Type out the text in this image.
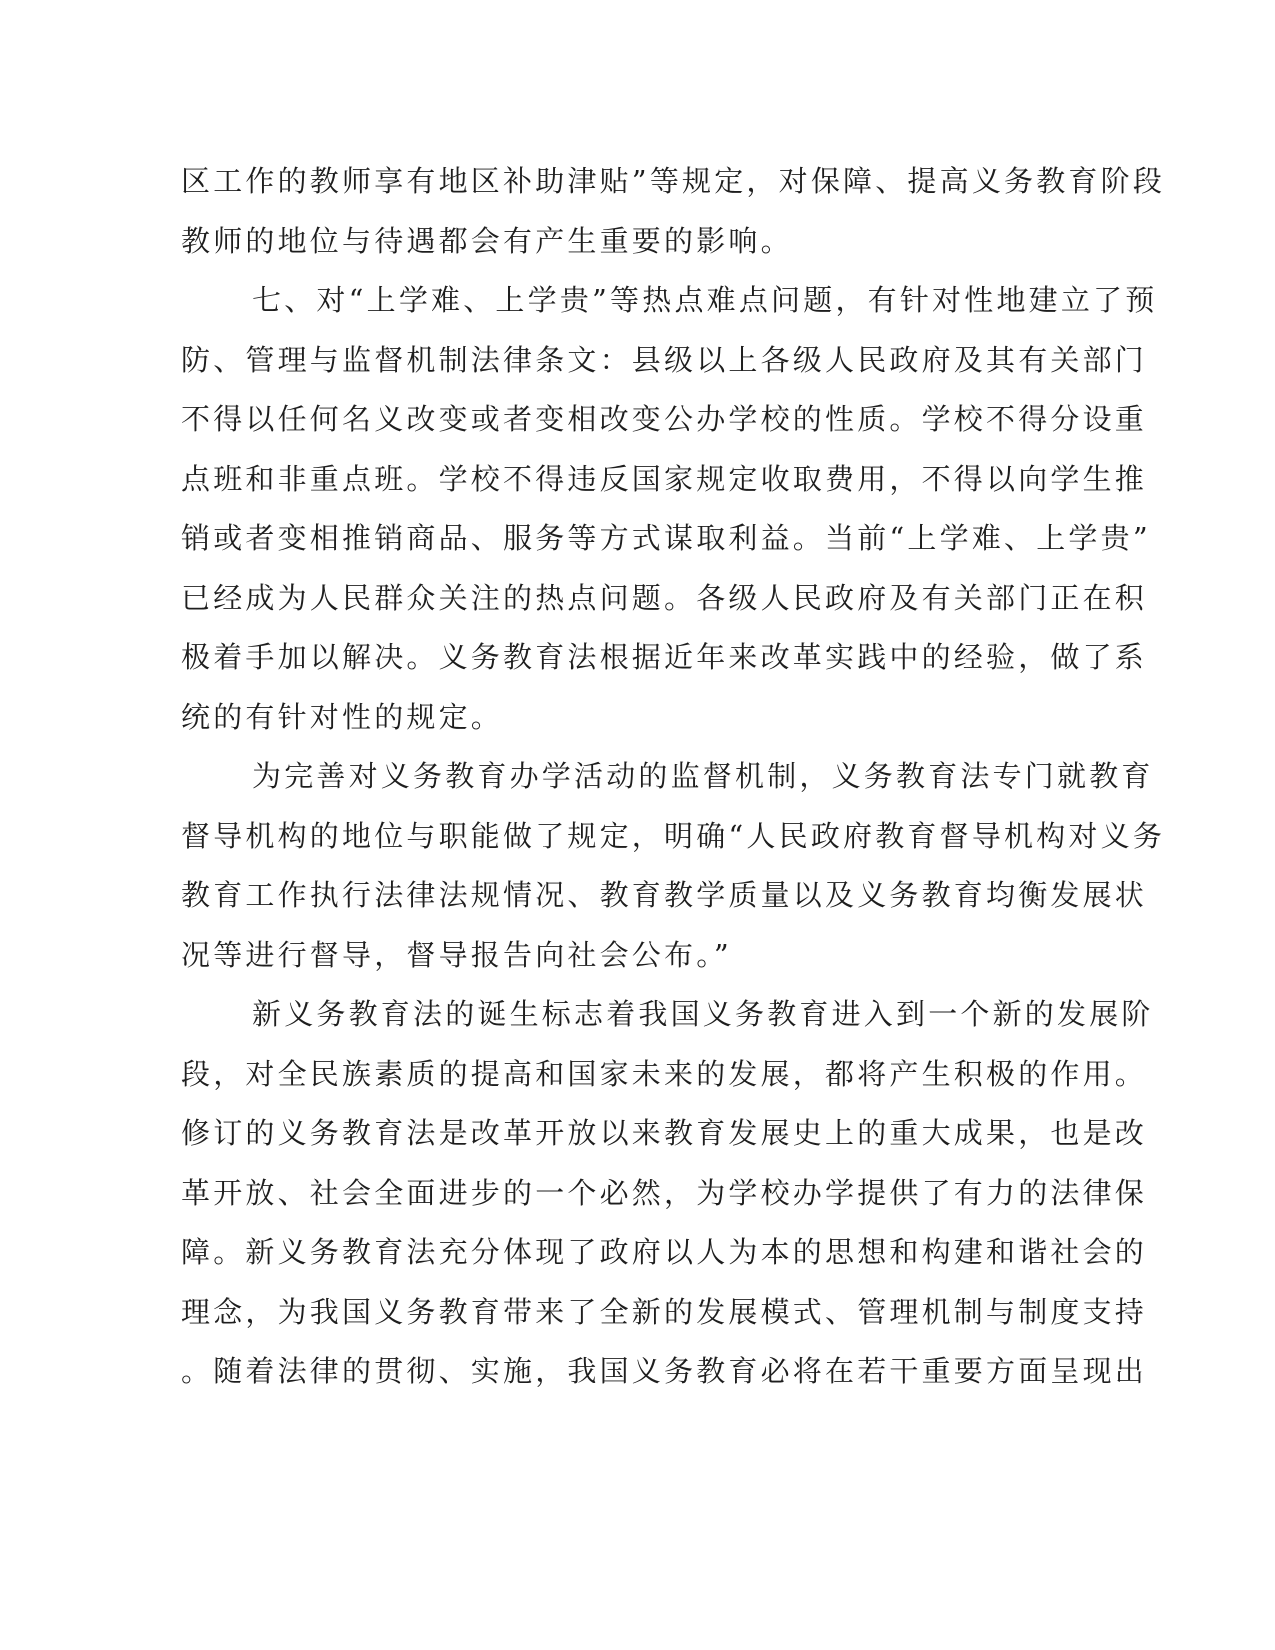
区工作的教师享有地区补助津贴”等规定，对保障、提高义务教育阶段
教师的地位与待遇都会有产生重要的影响。
七、对“上学难、上学贵”等热点难点问题，有针对性地建立了预
防、管理与监督机制法律条文：县级以上各级人民政府及其有关部门
不得以任何名义改变或者变相改变公办学校的性质。学校不得分设重
点班和非重点班。学校不得违反国家规定收取费用，不得以向学生推
销或者变相推销商品、服务等方式谋取利益。当前“上学难、上学贵”
已经成为人民群众关注的热点问题。各级人民政府及有关部门正在积
极着手加以解决。义务教育法根据近年来改革实践中的经验，做了系
统的有针对性的规定。
为完善对义务教育办学活动的监督机制，义务教育法专门就教育
督导机构的地位与职能做了规定，明确“人民政府教育督导机构对义务
教育工作执行法律法规情况、教育教学质量以及义务教育均衡发展状
况等进行督导，督导报告向社会公布。”
新义务教育法的诞生标志着我国义务教育进入到一个新的发展阶
段，对全民族素质的提高和国家未来的发展，都将产生积极的作用。
修订的义务教育法是改革开放以来教育发展史上的重大成果，也是改
革开放、社会全面进步的一个必然，为学校办学提供了有力的法律保
障。新义务教育法充分体现了政府以人为本的思想和构建和谐社会的
理念，为我国义务教育带来了全新的发展模式、管理机制与制度支持
。随着法律的贯彻、实施，我国义务教育必将在若干重要方面呈现出
